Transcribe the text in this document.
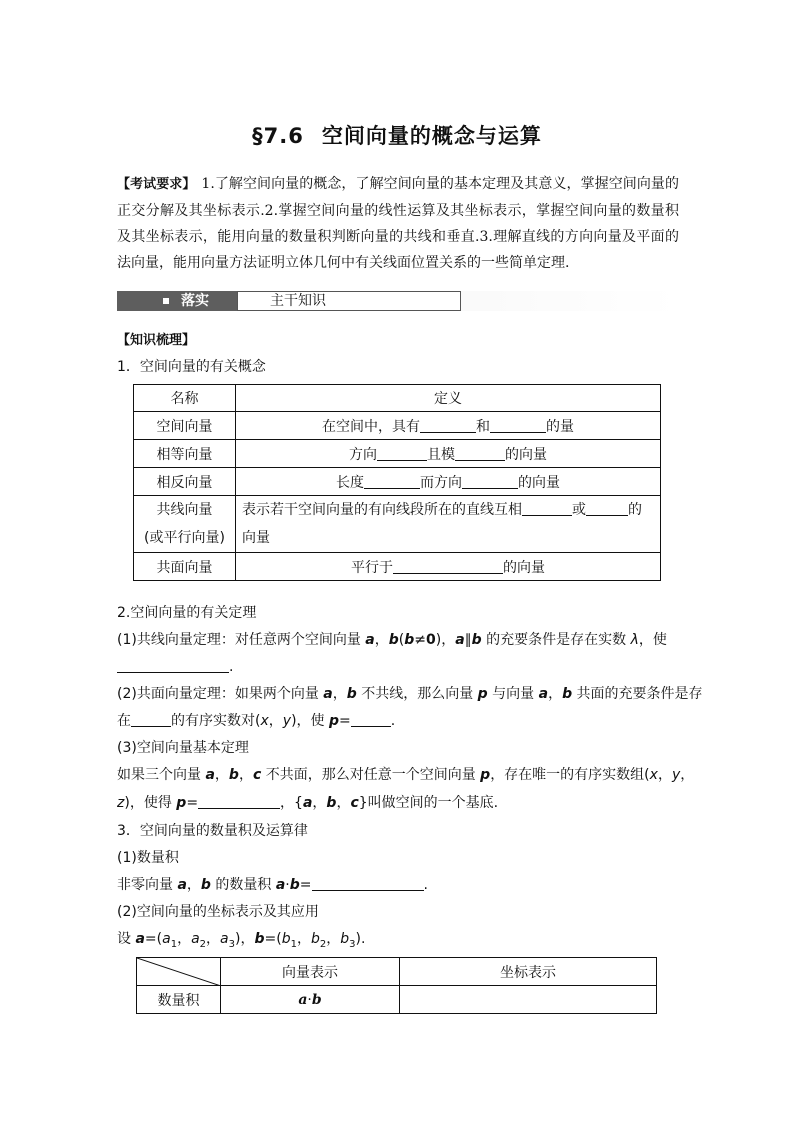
§7.6 空间向量的概念与运算
【考试要求】 1.了解空间向量的概念，了解空间向量的基本定理及其意义，掌握空间向量的正交分解及其坐标表示.2.掌握空间向量的线性运算及其坐标表示，掌握空间向量的数量积及其坐标表示，能用向量的数量积判断向量的共线和垂直.3.理解直线的方向向量及平面的法向量，能用向量方法证明立体几何中有关线面位置关系的一些简单定理.
落实	主干知识
【知识梳理】
1．空间向量的有关概念
名称	定义
空间向量	在空间中，具有 和 的量
相等向量	方向 且模 的向量
相反向量	长度 而方向 的向量
共线向量
(或平行向量)	表示若干空间向量的有向线段所在的直线互相 或 的
向量
共面向量	平行于 的向量
2.空间向量的有关定理
(1)共线向量定理：对任意两个空间向量 a，b(b≠0)，a∥b 的充要条件是存在实数 λ，使
.
(2)共面向量定理：如果两个向量 a，b 不共线，那么向量 p 与向量 a，b 共面的充要条件是存
在	的有序实数对(x，y)，使 p=	.
(3)空间向量基本定理
如果三个向量 a，b，c 不共面，那么对任意一个空间向量 p，存在唯一的有序实数组(x，y，
z)，使得 p=	，{a，b，c}叫做空间的一个基底.
3．空间向量的数量积及运算律
(1)数量积
非零向量 a，b 的数量积 a·b=	.
(2)空间向量的坐标表示及其应用
设 $a=(a_1$，$a_2$，$a_3$)，$b=(b_1$，$b_2$，$b_3$).
	向量表示	坐标表示
数量积	a·b	
